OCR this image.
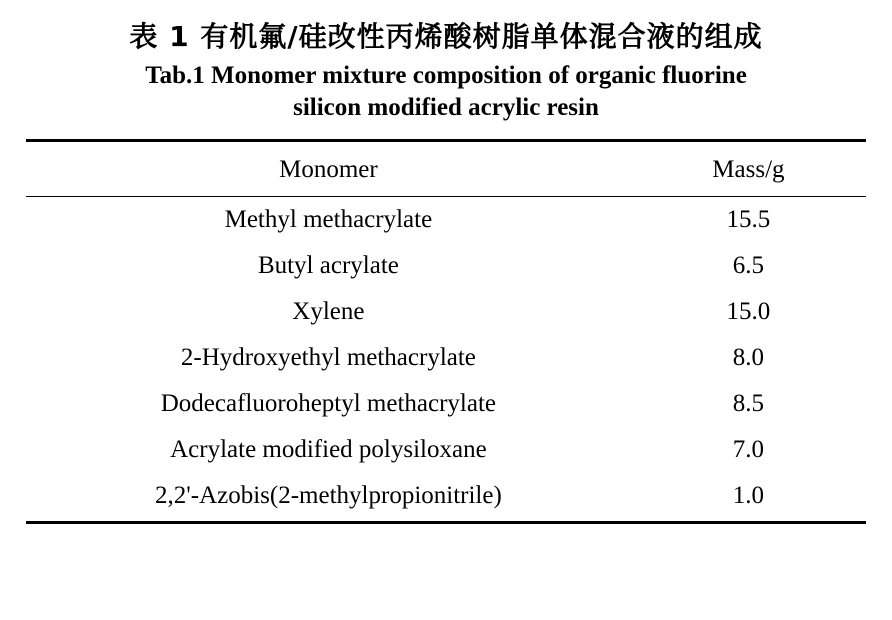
表 1 有机氟/硅改性丙烯酸树脂单体混合液的组成
Tab.1 Monomer mixture composition of organic fluorine
silicon modified acrylic resin
Monomer	Mass/g
Methyl methacrylate	15.5
Butyl acrylate	6.5
Xylene	15.0
2-Hydroxyethyl methacrylate	8.0
Dodecafluoroheptyl methacrylate	8.5
Acrylate modified polysiloxane	7.0
2,2'-Azobis(2-methylpropionitrile)	1.0
